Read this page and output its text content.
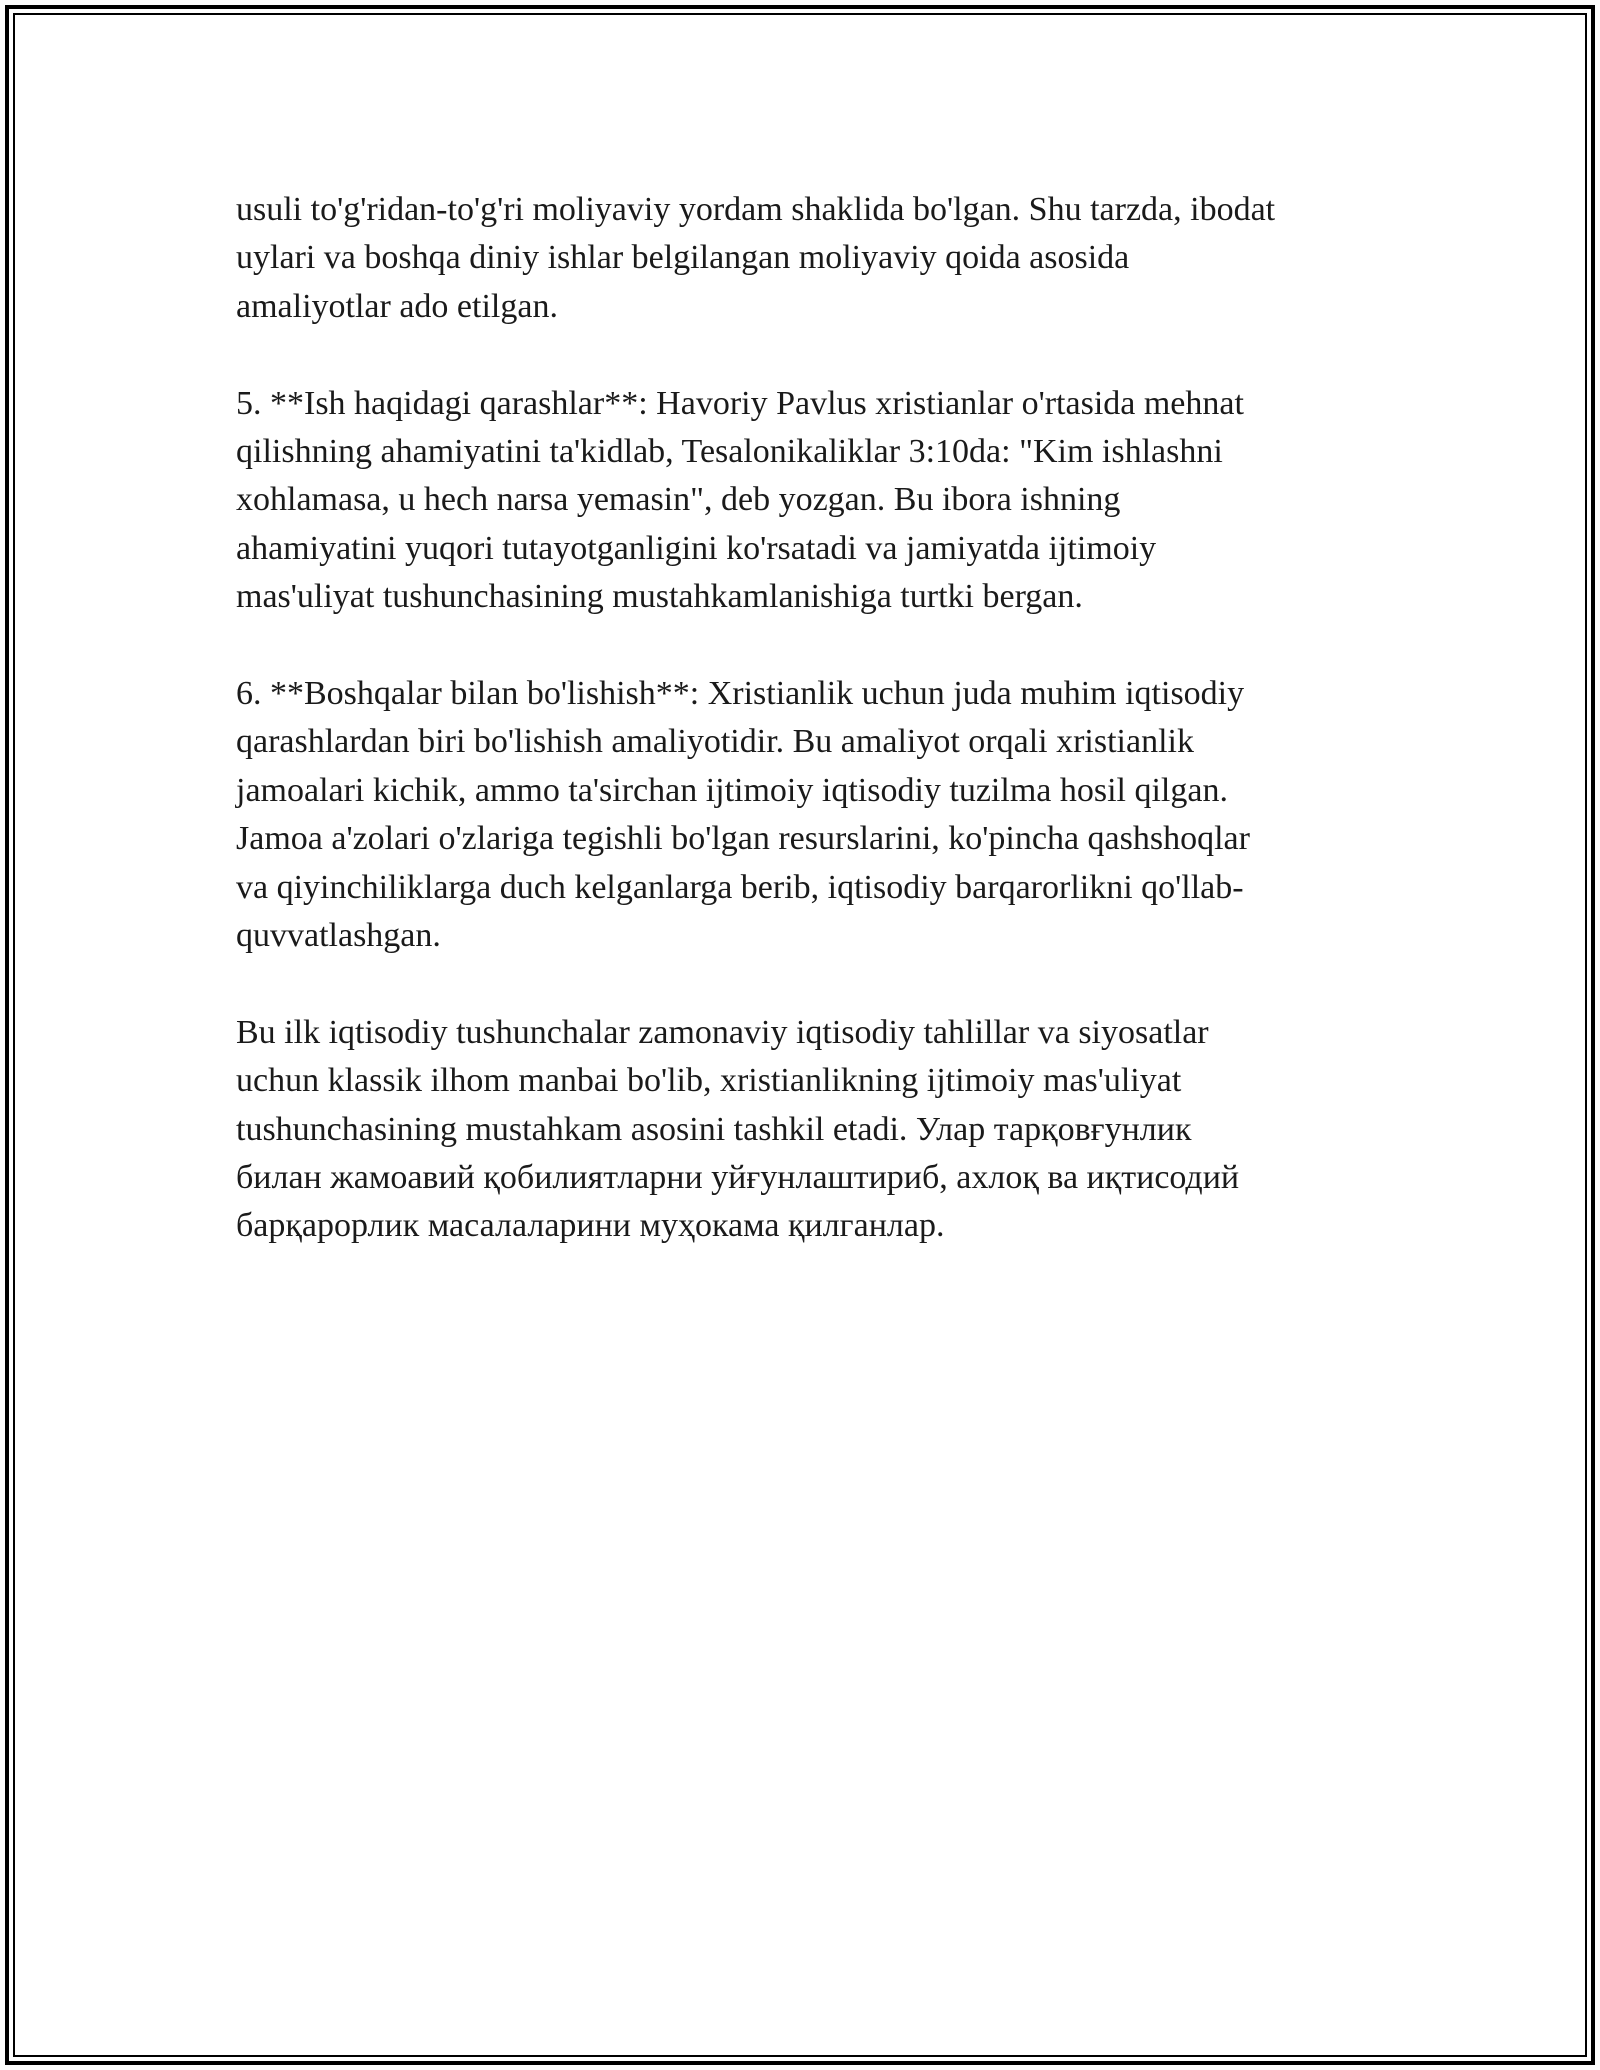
usuli to'g'ridan-to'g'ri moliyaviy yordam shaklida bo'lgan. Shu tarzda, ibodat
uylari va boshqa diniy ishlar belgilangan moliyaviy qoida asosida
amaliyotlar ado etilgan.

5. **Ish haqidagi qarashlar**: Havoriy Pavlus xristianlar o'rtasida mehnat
qilishning ahamiyatini ta'kidlab, Tesalonikaliklar 3:10da: "Kim ishlashni
xohlamasa, u hech narsa yemasin", deb yozgan. Bu ibora ishning
ahamiyatini yuqori tutayotganligini ko'rsatadi va jamiyatda ijtimoiy
mas'uliyat tushunchasining mustahkamlanishiga turtki bergan.

6. **Boshqalar bilan bo'lishish**: Xristianlik uchun juda muhim iqtisodiy
qarashlardan biri bo'lishish amaliyotidir. Bu amaliyot orqali xristianlik
jamoalari kichik, ammo ta'sirchan ijtimoiy iqtisodiy tuzilma hosil qilgan.
Jamoa a'zolari o'zlariga tegishli bo'lgan resurslarini, ko'pincha qashshoqlar
va qiyinchiliklarga duch kelganlarga berib, iqtisodiy barqarorlikni qo'llab-
quvvatlashgan.

Bu ilk iqtisodiy tushunchalar zamonaviy iqtisodiy tahlillar va siyosatlar
uchun klassik ilhom manbai bo'lib, xristianlikning ijtimoiy mas'uliyat
tushunchasining mustahkam asosini tashkil etadi. Улар тарқовғунлик
билан жамоавий қобилиятларни уйғунлаштириб, ахлоқ ва иқтисодий
барқарорлик масалаларини муҳокама қилганлар.
